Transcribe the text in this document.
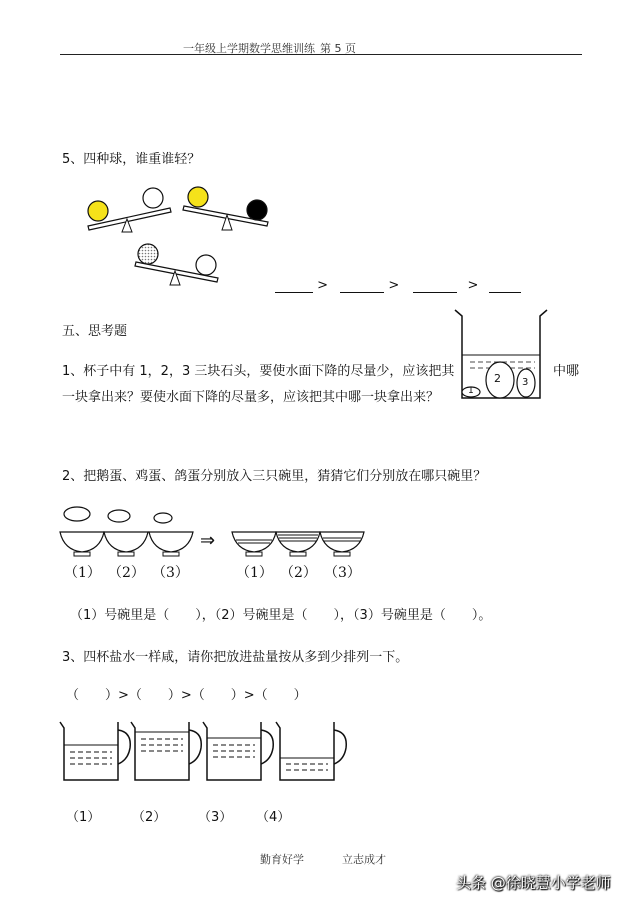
一年级上学期数学思维训练 第 5 页
5、四种球，谁重谁轻？
>	>	>
五、思考题
1、杯子中有 1，2，3 三块石头，要使水面下降的尽量少，应该把其	中哪
一块拿出来？要使水面下降的尽量多，应该把其中哪一块拿出来？
2 3
1
2、把鹅蛋、鸡蛋、鸽蛋分别放入三只碗里，猜猜它们分别放在哪只碗里？
⇒
（1） （2） （3）	（1） （2） （3）
（1）号碗里是（　　），（2）号碗里是（　　），（3）号碗里是（　　）。
3、四杯盐水一样咸，请你把放进盐量按从多到少排列一下。
（　　）>（　　）>（　　）>（　　）
（1） （2） （3） （4）
勤育好学	立志成才
头条 @徐晓慧小学老师
